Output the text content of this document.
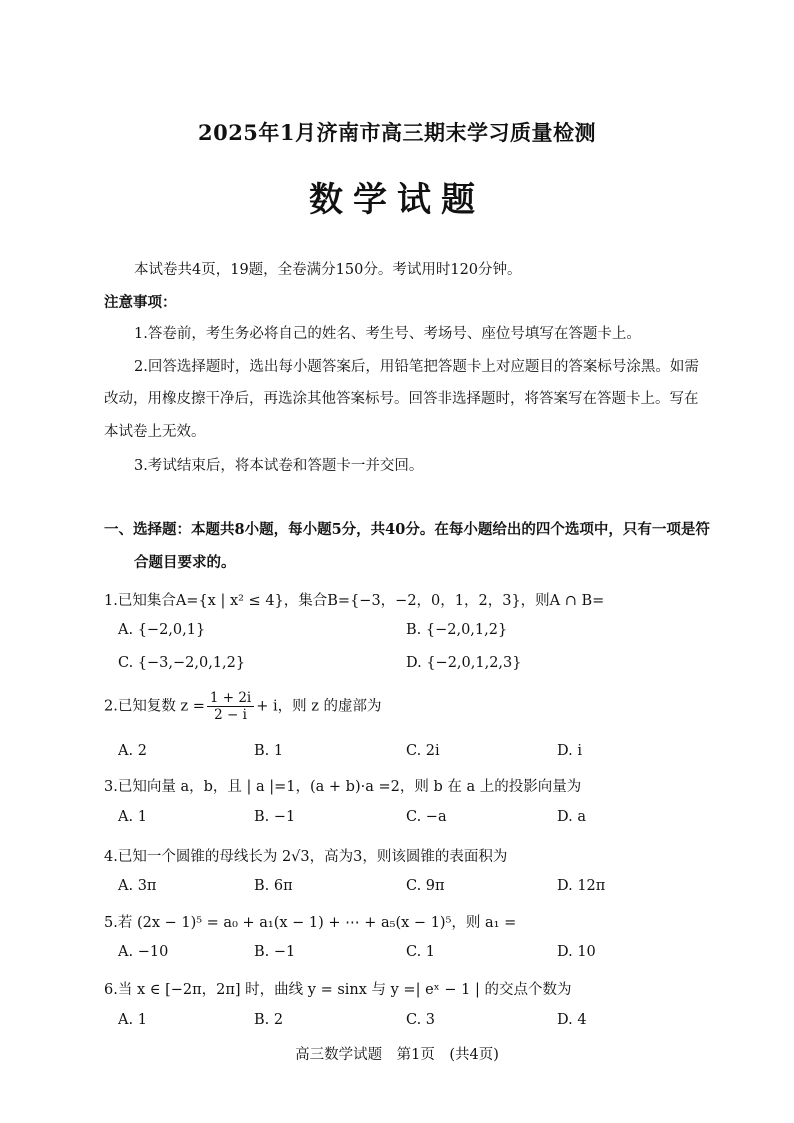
2025年1月济南市高三期末学习质量检测
数学试题
本试卷共4页，19题，全卷满分150分。考试用时120分钟。
注意事项：
1.答卷前，考生务必将自己的姓名、考生号、考场号、座位号填写在答题卡上。
2.回答选择题时，选出每小题答案后，用铅笔把答题卡上对应题目的答案标号涂黑。如需
改动，用橡皮擦干净后，再选涂其他答案标号。回答非选择题时，将答案写在答题卡上。写在
本试卷上无效。
3.考试结束后，将本试卷和答题卡一并交回。
一、选择题：本题共8小题，每小题5分，共40分。在每小题给出的四个选项中，只有一项是符
合题目要求的。
1.已知集合A={x | x² ≤ 4}，集合B={−3，−2，0，1，2，3}，则A ∩ B=
A. {−2,0,1}	B. {−2,0,1,2}
C. {−3,−2,0,1,2}	D. {−2,0,1,2,3}
2.已知复数 $z = \frac{1 + 2i}{2 - i} + i$，则 z 的虚部为
A. 2	B. 1	C. 2i	D. i
3.已知向量 a，b，且 | a |=1，(a + b)·a =2，则 b 在 a 上的投影向量为
A. 1	B. −1	C. −a	D. a
4.已知一个圆锥的母线长为 2√3，高为3，则该圆锥的表面积为
A. 3π	B. 6π	C. 9π	D. 12π
5.若 (2x − 1)⁵ = a₀ + a₁(x − 1) + ⋯ + a₅(x − 1)⁵，则 a₁ =
A. −10	B. −1	C. 1	D. 10
6.当 x ∈ [−2π，2π] 时，曲线 y = sinx 与 y =| eˣ − 1 | 的交点个数为
A. 1	B. 2	C. 3	D. 4
高三数学试题　第1页　(共4页)
